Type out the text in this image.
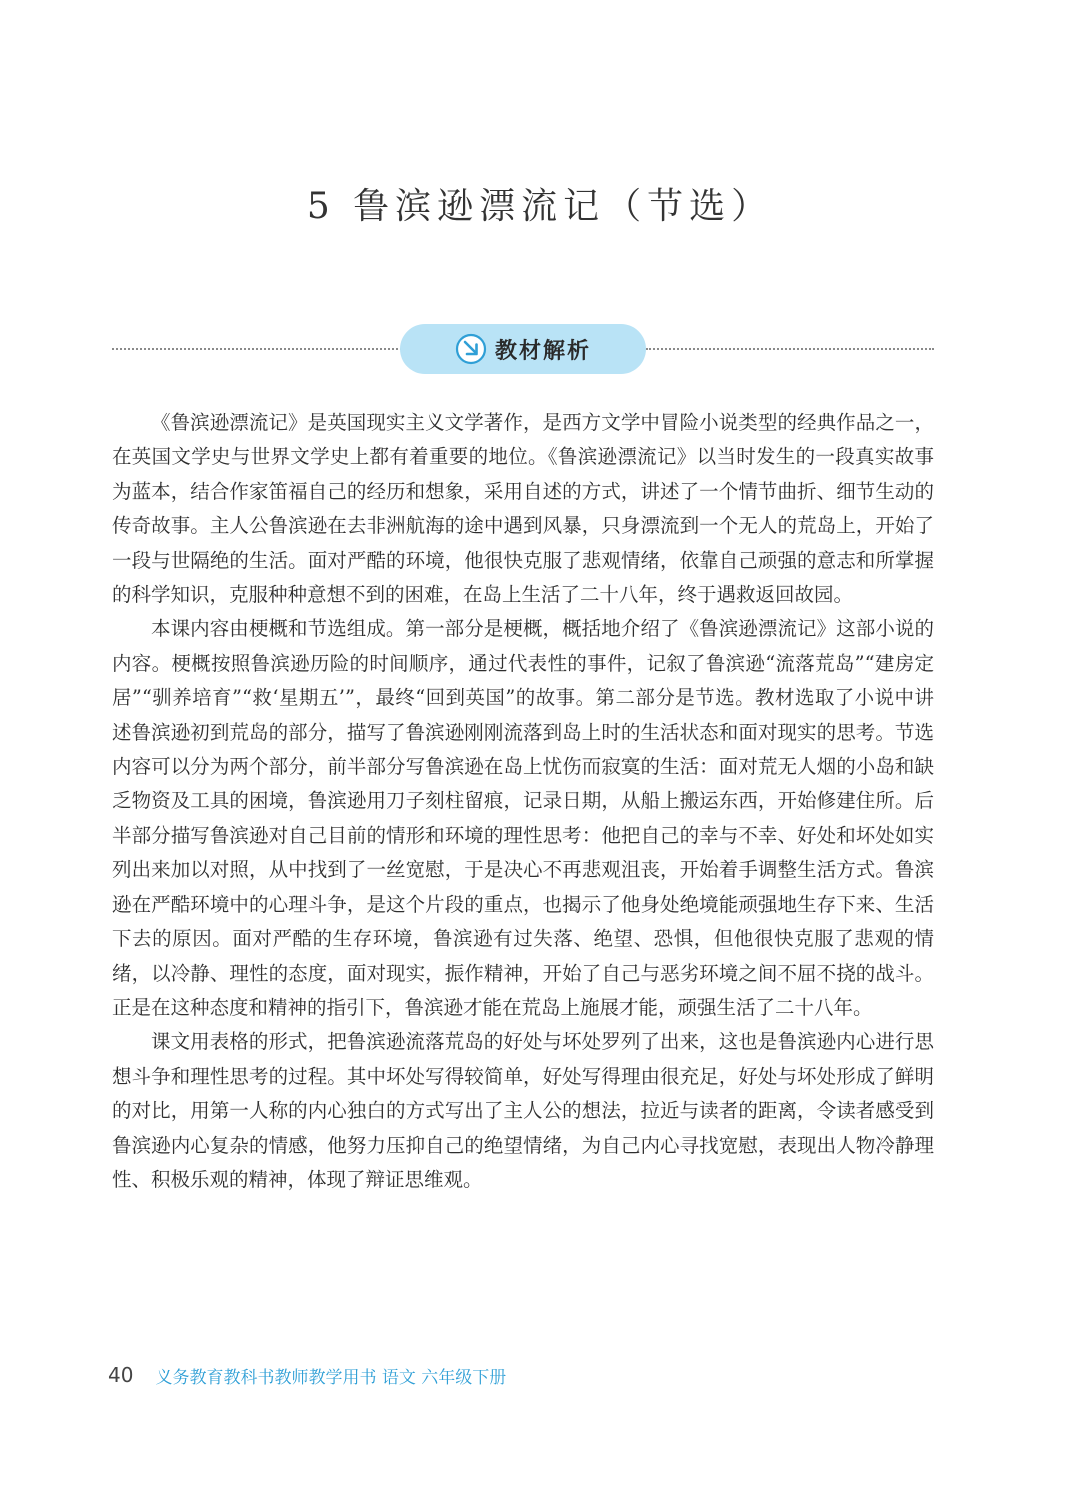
5 鲁滨逊漂流记（节选）
教材解析

《鲁滨逊漂流记》是英国现实主义文学著作，是西方文学中冒险小说类型的经典作品之一，在英国文学史与世界文学史上都有着重要的地位。《鲁滨逊漂流记》以当时发生的一段真实故事为蓝本，结合作家笛福自己的经历和想象，采用自述的方式，讲述了一个情节曲折、细节生动的传奇故事。主人公鲁滨逊在去非洲航海的途中遇到风暴，只身漂流到一个无人的荒岛上，开始了一段与世隔绝的生活。面对严酷的环境，他很快克服了悲观情绪，依靠自己顽强的意志和所掌握的科学知识，克服种种意想不到的困难，在岛上生活了二十八年，终于遇救返回故园。

本课内容由梗概和节选组成。第一部分是梗概，概括地介绍了《鲁滨逊漂流记》这部小说的内容。梗概按照鲁滨逊历险的时间顺序，通过代表性的事件，记叙了鲁滨逊“流落荒岛”“建房定居”“驯养培育”“救‘星期五’”，最终“回到英国”的故事。第二部分是节选。教材选取了小说中讲述鲁滨逊初到荒岛的部分，描写了鲁滨逊刚刚流落到岛上时的生活状态和面对现实的思考。节选内容可以分为两个部分，前半部分写鲁滨逊在岛上忧伤而寂寞的生活：面对荒无人烟的小岛和缺乏物资及工具的困境，鲁滨逊用刀子刻柱留痕，记录日期，从船上搬运东西，开始修建住所。后半部分描写鲁滨逊对自己目前的情形和环境的理性思考：他把自己的幸与不幸、好处和坏处如实列出来加以对照，从中找到了一丝宽慰，于是决心不再悲观沮丧，开始着手调整生活方式。鲁滨逊在严酷环境中的心理斗争，是这个片段的重点，也揭示了他身处绝境能顽强地生存下来、生活下去的原因。面对严酷的生存环境，鲁滨逊有过失落、绝望、恐惧，但他很快克服了悲观的情绪，以冷静、理性的态度，面对现实，振作精神，开始了自己与恶劣环境之间不屈不挠的战斗。正是在这种态度和精神的指引下，鲁滨逊才能在荒岛上施展才能，顽强生活了二十八年。

课文用表格的形式，把鲁滨逊流落荒岛的好处与坏处罗列了出来，这也是鲁滨逊内心进行思想斗争和理性思考的过程。其中坏处写得较简单，好处写得理由很充足，好处与坏处形成了鲜明的对比，用第一人称的内心独白的方式写出了主人公的想法，拉近与读者的距离，令读者感受到鲁滨逊内心复杂的情感，他努力压抑自己的绝望情绪，为自己内心寻找宽慰，表现出人物冷静理性、积极乐观的精神，体现了辩证思维观。

40 义务教育教科书教师教学用书 语文 六年级下册
